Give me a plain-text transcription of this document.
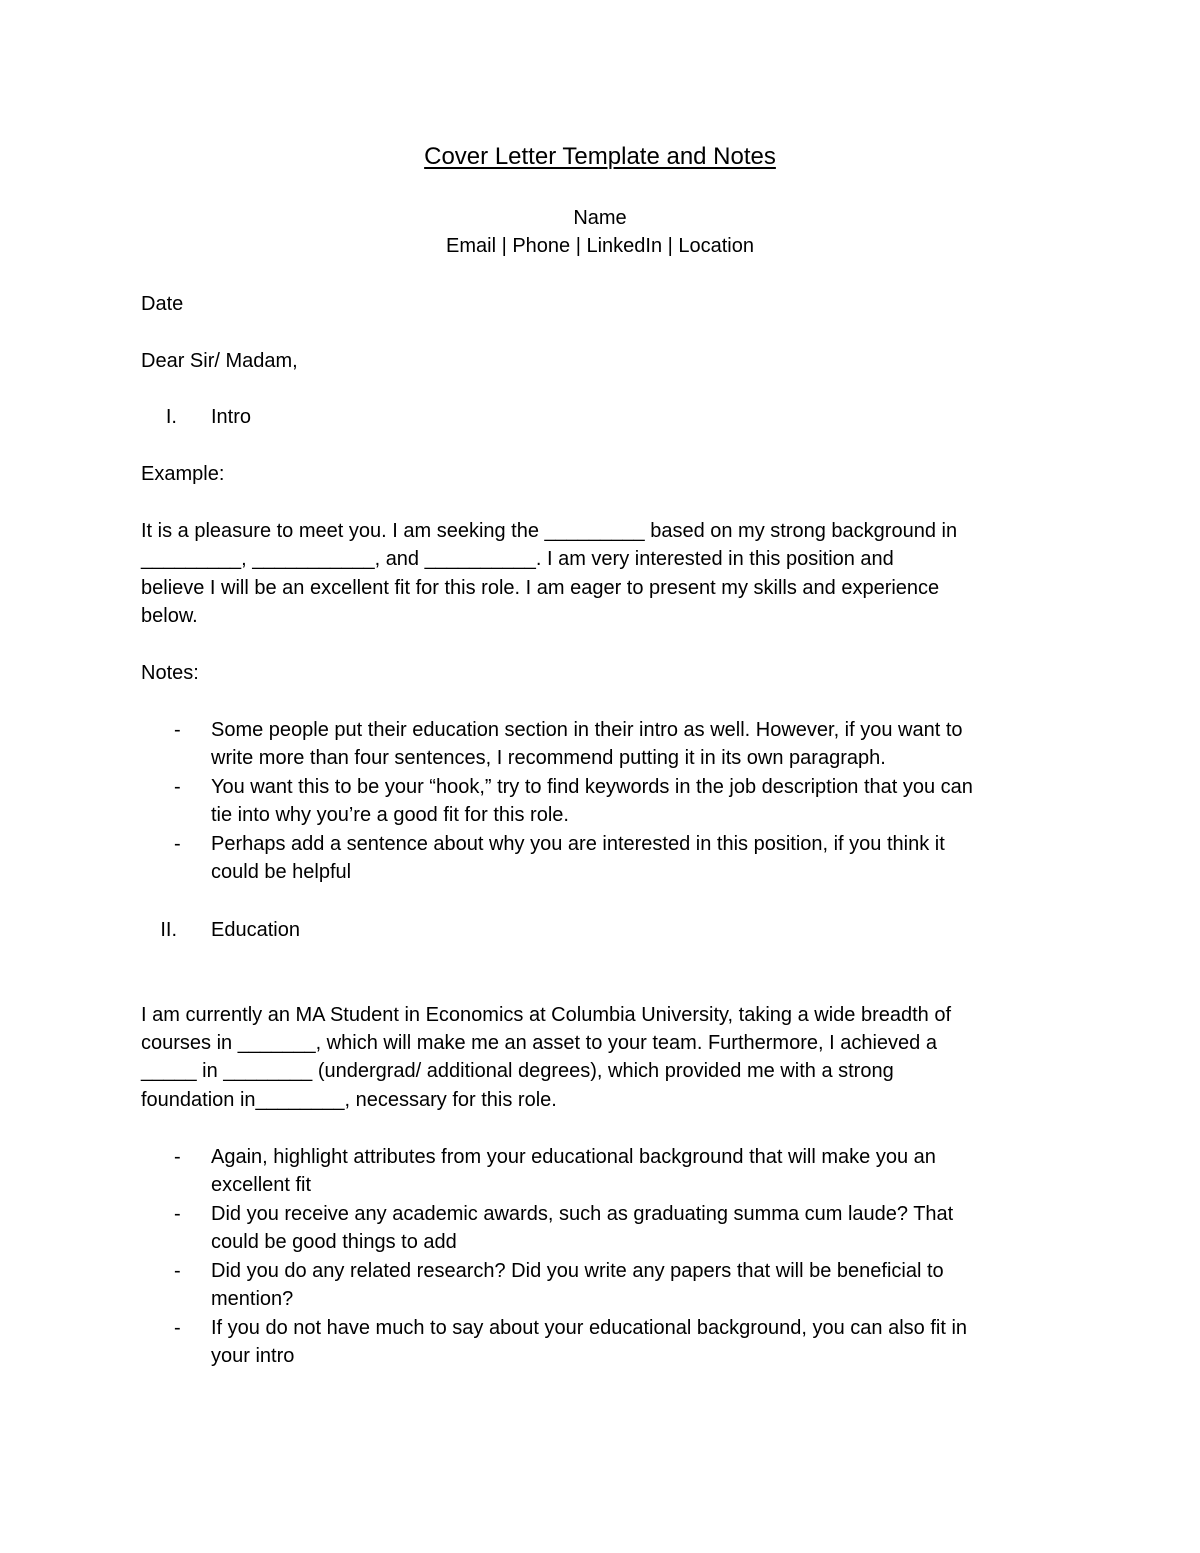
Cover Letter Template and Notes
Name
Email | Phone | LinkedIn | Location
Date
Dear Sir/ Madam,
I. Intro
Example:
It is a pleasure to meet you. I am seeking the _________ based on my strong background in
_________, ___________, and __________. I am very interested in this position and
believe I will be an excellent fit for this role. I am eager to present my skills and experience
below.
Notes:
- Some people put their education section in their intro as well. However, if you want to
write more than four sentences, I recommend putting it in its own paragraph.
- You want this to be your “hook,” try to find keywords in the job description that you can
tie into why you’re a good fit for this role.
- Perhaps add a sentence about why you are interested in this position, if you think it
could be helpful
II. Education
I am currently an MA Student in Economics at Columbia University, taking a wide breadth of
courses in _______, which will make me an asset to your team. Furthermore, I achieved a
_____ in ________ (undergrad/ additional degrees), which provided me with a strong
foundation in________, necessary for this role.
- Again, highlight attributes from your educational background that will make you an
excellent fit
- Did you receive any academic awards, such as graduating summa cum laude? That
could be good things to add
- Did you do any related research? Did you write any papers that will be beneficial to
mention?
- If you do not have much to say about your educational background, you can also fit in
your intro
